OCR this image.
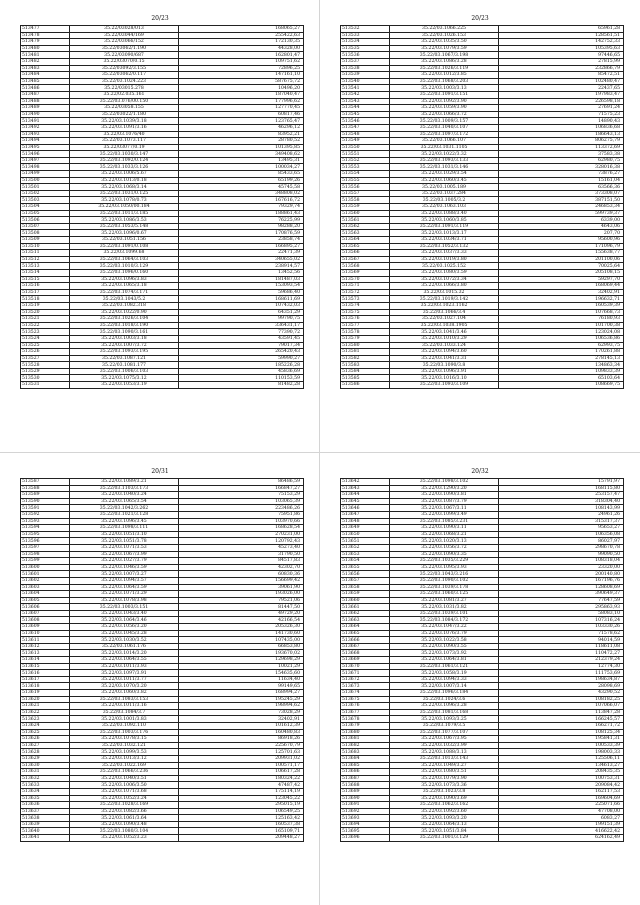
20/23
513477	35.22/03028/013	168065,27
513478	35.22/03044/169	255422,63
513479	35.22/03066/152	172130,35
513480	35.22/03062/1.190	44328,00
513481	35.22/03090/687	162801,47
513482	35.22/03070/0.15	109751,62
513483	35.22/03092/3.155	72896,25
513484	35.22/03062/0.117	147161,10
513485	35.22/03.1024.223	587675,72
513486	35.22/03015.278	10496,20
513487	35.22/02.035.161	187040,47
513488	35.22/03.076/00.150	177996,62
513489	35.22/03058.155	127770,45
513490	35.22/03022/1.180	60817,46
513491	35.22/03.1039/3.18	123765,47
513492	35.22/03.1091/3.16	46296,12
513493	35.22/03.1076/40	83952,21
513494	35.22/03.1073.117	28780,52
513495	35.22/03077/0.19	101395,85
513496	35.22/03.1030/3.147	349408,62
513497	35.22/03.1092/0.124	13495,31
513498	35.22/03.1033/3.126	100034,27
513499	35.22/03.1006/5.67	85433,65
513500	35.22/03.1013/0.18	65199,26
513501	35.22/03.1068/3.14	45745,58
513502	35.22/03.1031/0.125	348808,02
513503	35.22/03.1078/0.73	167616,72
513504	35.22/03.1050/00.184	79329,74
513505	35.22/03.1011/3.185	188861,43
513506	35.22/03.1086/3.53	76225,99
513507	35.22/03.1053/5.148	98288,20
513508	35.22/03.1096/0.67	170876,59
513509	35.22/03.1051.156	23858,74
513510	35.22/03.1091/0.108	166895,27
513511	35.22/03.1099.68	22471,39
513512	35.22/03.1064/3.103	340655,02
513513	35.22/03.1010/3.129	238914,57
513514	35.22/03.1096/0.160	13452,56
513515	35.22/03.1096/3.83	181487,03
513516	35.22/03.1065/3.18	153093,54
513517	35.22/03.1074/3.171	59686,40
513518	35.22/03.1043/5.2	168611,69
513519	35.22/03.1082.318	107432,03
513520	35.22/03.1022/0.90	64351,29
513521	35.22/03.1026/3.104	99790,75
513522	35.22/03.1018/3.190	336431,17
513523	35.22/03.1090/3.161	77390,72
513524	35.22/03.1003/3.18	43591,45
513525	35.22/03.1007/3.72	79017,34
513526	35.22/03.1093/3.195	265420,43
513527	35.22/03.1087.121	59990,27
513528	35.22/03.1081.177	185226,28
513529	35.22/03.1006/3.103	45836,69
513530	35.22/03.1075/3.12	110153,59
513531	35.22/03.1053/3.19	81482,28
20/23
513532	35.22/03.1066.225	65961,28
513533	35.22/03.1026.153	128561,51
513534	35.22/03.1035/3.50	142752,33
513535	35.22/03.1079/3.59	105395,63
513536	35.22/03.1067/3.198	97446,65
513537	35.22/03.1086/3.28	27815,99
513538	35.22/03.1026/3.119	232866,79
513539	35.22/03.1012/3.85	85472,51
513540	35.22/03.1068/3.203	102480,47
513541	35.22/03.1003/3.13	22437,65
513542	35.22/03.1091/3.151	197983,47
513543	35.22/03.1092/3.90	226598,18
513544	35.22/03.1059/3.90	27691,24
513545	35.22/03.1066/3.72	71575,23
513546	35.22/03.1009/3.157	14890,43
513547	35.22/03.1040/3.107	106836,68
513548	35.22/03.1097/3.172	186643,13
513549	35.22/03.1066.107	806275,79
513550	35.22/03.1031.1105	113372,69
513551	35.22/03.1022/3.32	37583,38
513552	35.22/03.1093/3.133	62980,75
513553	35.22/03.1031/3.146	328016,38
513554	35.22/03.1029/3.54	73876,27
513555	35.22/03.1060/3.45	15161,04
513556	35.22/03.1005.189	63566,36
513557	35.22/03.1037.284	373308,07
513558	35.22/03.1005/3.2	387151,50
513559	35.22/03.1063.103	246853,34
513560	35.22/03.1088/3.40	599739,37
513561	35.22/03.1060/3.85	6339,00
513562	35.22/03.1091/3.119	4643,06
513563	35.22/03.1013/3.17	207,70
513564	35.22/03.1034/3.71	95600,96
513565	35.22/03.1052/3.132	171096,79
513566	35.22/03.1037/3.33	155638,77
513567	35.22/03.1019/3.80	201100,06
513568	35.22/03.1025.152	70025,64
513569	35.22/03.1080/3.59	205108,15
513570	35.22/03.1072/3.34	59297,70
513571	35.22/03.1066/3.80	168069,44
513572	35.22/03.1015.32	32402,91
513573	35.22/03.1019/3.142	196632,71
513574	35.22/03.1023.1162	160539,39
513575	35.22/03.1066/3.4	107668,73
513576	35.22/03.1027.104	76180,93
513577	35.22/03.1038.1905	101700,38
513578	35.22/03.1041/3.46	123024,08
513579	35.22/03.1010/3.29	106536,86
513580	35.22/03.1033.124	62993,75
513581	35.22/03.1094/3.60	170261,88
513582	35.22/03.1041/3.31	278145,13
513583	35.22/03.1090/3.8	134863,34
513584	35.22/03.1096/3.91	109833,39
513585	35.22/03.1016/3.10	65103,64
513586	35.22/03.1093/3.109	108669,75
20/31
513587	35.22/03.1089/3.21	86486,59
513588	35.22/03.1103/3.173	166847,27
513589	35.22/03.1040/3.24	75153,29
513590	35.22/03.1065/3.54	103065,39
513591	35.22/03.1042/3.262	223486,26
513592	35.22/03.1021/3.128	75951,86
513593	35.22/03.1096/3.45	103970,66
513594	35.22/03.1098/3.111	168628,54
513595	35.22/03.1051/3.10	270231,00
513596	35.22/03.1051/3.78	120792,43
513597	35.22/03.1071/3.53	45273,40
513598	35.22/03.1067/3.99	31790,50
513599	35.22/03.1027/3.79	84517,83
513600	35.22/03.1046/3.59	42302,70
513601	35.22/03.1007/3.27	60830,36
513602	35.22/03.1094/3.57	156699,42
513603	35.22/03.1064/3.59	39061,90
513604	35.22/03.1071/3.29	193026,00
513605	35.22/03.1078/3.98	79521,06
513606	35.22/03.1003/3.151	81447,50
513607	35.22/03.1043/3.40	49729,20
513608	35.22/03.1064/3.46	42166,54
513609	35.22/03.1056/3.20	205326,30
513610	35.22/03.1045/3.28	141730,60
513611	35.22/03.1030/3.52	107435,00
513612	35.22/03.1061.176	66853,80
513613	35.22/03.1014/3.20	193670,02
513614	35.22/03.1064/3.55	129698,29
513615	35.22/03.1011/3.93	10021,29
513616	35.22/03.1097/3.91	154635,60
513617	35.22/03.1011/3.77	11634,40
513618	35.22/03.1070/3.20	99149,65
513619	35.22/03.1060/3.82	168994,27
513620	35.22/03.1083/3.153	195245,29
513621	35.22/03.1011/3.16	198994,62
513622	35.22/03.1084/3.7	73028,29
513623	35.22/03.1001/3.83	32402,91
513624	35.22/03.1092.110	101612,39
513625	35.22/03.1003/3.176	160480,83
513626	35.22/03.1078/3.15	86918,26
513627	35.22/03.1032.121	225670,79
513628	35.22/03.1099/3.53	125701,63
513629	35.22/03.1013/3.12	209931,02
513630	35.22/03.1022.169	100571,17
513631	35.22/03.1066/3.236	106617,28
513632	35.22/03.1040/3.51	180324,22
513633	35.22/03.1006/3.50	47487,42
513634	35.22/03.1071/3.68	175114,19
513635	35.22/03.1052/3.24	123045,22
513636	35.22/03.1028/3.169	295015,19
513637	35.22/03.1082/3.66	106549,25
513638	35.22/03.1061/3.64	125163,42
513639	35.22/03.1090/3.48	160537,38
513640	35.22/03.1080/3.104	165109,71
513641	35.22/03.1052/3.23	209448,27
20/32
513642	35.22/03.1098/3.102	15791,97
513643	35.22/03.1290/3.20	168115,80
513644	35.22/03.1090/3.81	253157,47
513645	35.22/03.1087/3.79	318304,40
513646	35.22/03.1067/3.11	108143,99
513647	35.22/03.1099/3.49	24961,26
513648	35.22/03.1085/3.231	315317,37
513649	35.22/03.1090/3.11	95653,27
513650	35.22/03.1068/3.21	106356,08
513651	35.22/03.1020/3.13	86027,97
513652	35.22/03.1056/3.72	298670,78
513653	35.22/03.1090/3.35	99090,50
513654	35.22/03.1035/3.229	108318,04
513655	35.22/03.1095/3.93	23320,00
513656	35.22/03.1043/3.216	200140,80
513657	35.22/03.1090/3.102	167196,76
513658	35.22/03.1039/3.178	128608,69
513659	35.22/03.1060/3.125	390649,37
513660	35.22/03.1081/3.27	77647,59
513661	35.22/03.1031/3.82	295863,93
513662	35.22/03.1039/3.101	58083,10
513663	35.22/03.1084/3.172	107316,24
513664	35.22/03.1047/3.22	103330,26
513665	35.22/03.1076/3.79	71578,62
513666	35.22/03.1022/3.58	94014,59
513667	35.22/03.1090/3.55	118611,08
513668	35.22/03.1073/3.92	110472,27
513669	35.22/03.1064/3.81	212379,24
513670	35.22/03.1061/3.121	12774,30
513671	35.22/03.1058/3.19	111753,69
513672	35.22/03.1094/3.33	198634,87
513673	35.22/03.1007/3.14	28098,69
513674	35.22/03.1096/3.184	43290,52
513675	35.22/03.1024/3.6	108182,25
513676	35.22/03.1096/3.28	107066,07
513677	35.22/03.1081/3.168	113847,28
513678	35.22/03.1093/3.25	166245,57
513679	35.22/03.1079/3.5	166271,72
513680	35.22/03.1077/3.107	108125,34
513681	35.22/03.1067/3.95	195841,31
513682	35.22/03.1032/3.99	100533,39
513683	35.22/03.1088/3.13	198003,33
513684	35.22/03.1013/3.143	125506,11
513685	35.22/03.1049/3.27	134613,27
513686	35.22/03.1080/3.51	208435,35
513687	35.22/03.1079/3.90	100753,31
513688	35.22/03.1073/3.36	209084,42
513689	35.22/03.1023/3.8	162117,53
513690	35.22/03.1090/3.69	169604,69
513691	35.22/03.1062/3.162	225071,66
513692	35.22/03.1092/3.60	47708,00
513693	35.22/03.1093/3.20	6083,27
513694	35.22/03.1064/3.13	199151,39
513695	35.22/03.1051/3.84	416622,42
513696	35.22/03.1001/3.129	624162,49
